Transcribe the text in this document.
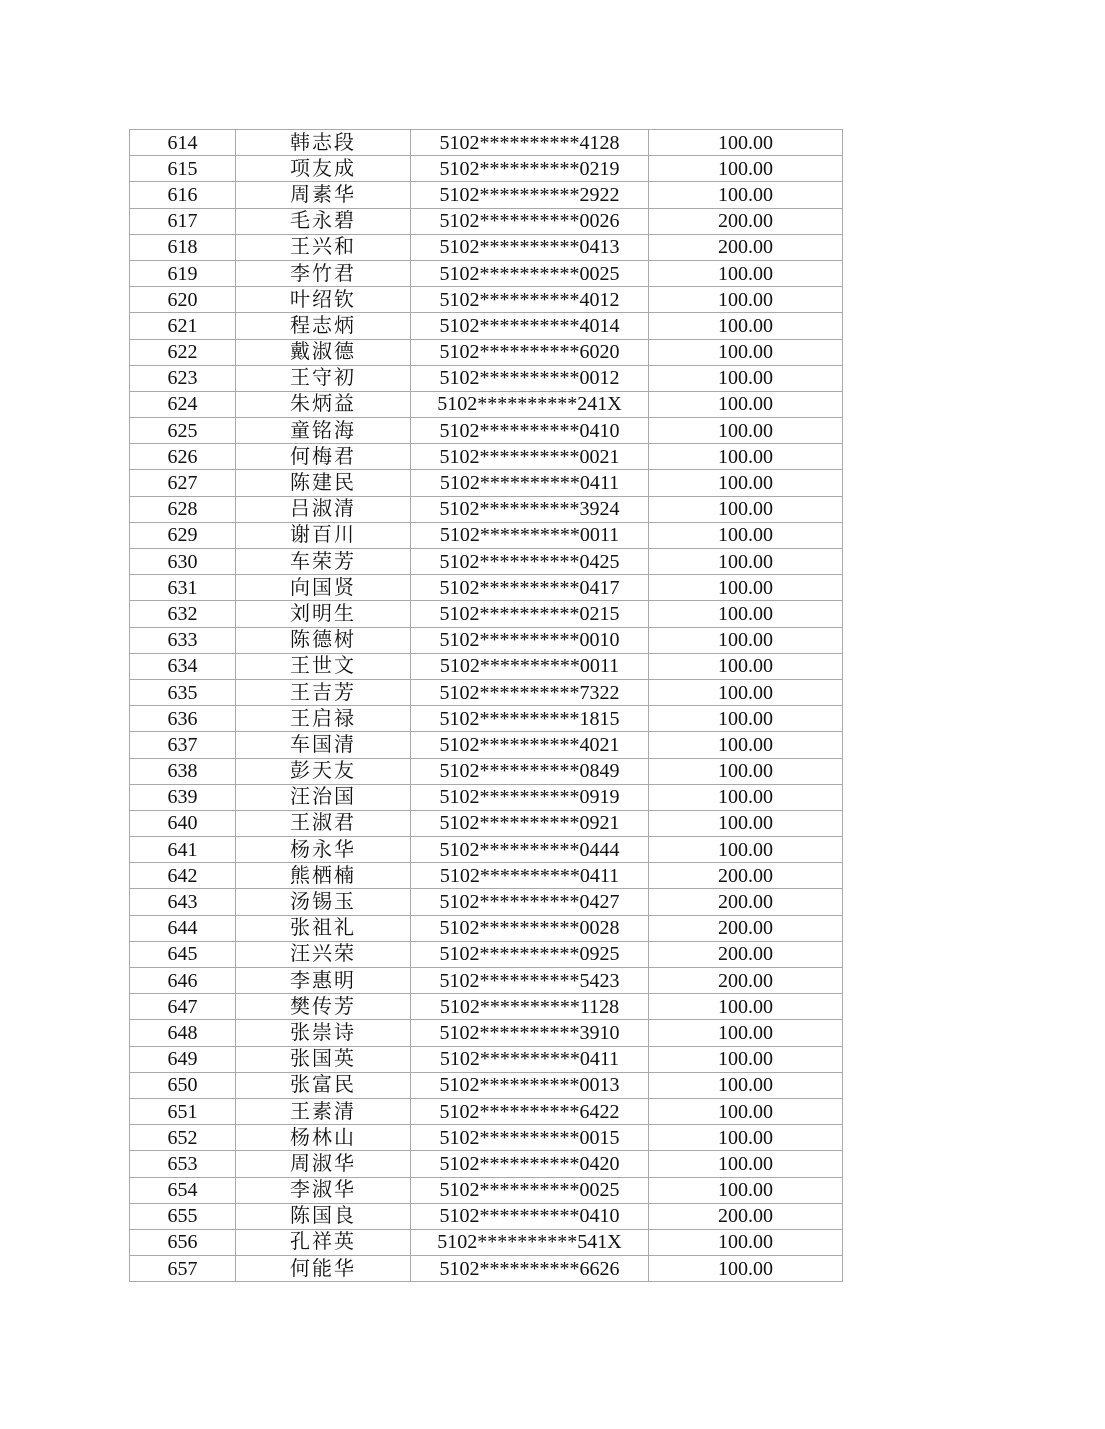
614	韩志段	5102**********4128	100.00
615	项友成	5102**********0219	100.00
616	周素华	5102**********2922	100.00
617	毛永碧	5102**********0026	200.00
618	王兴和	5102**********0413	200.00
619	李竹君	5102**********0025	100.00
620	叶绍钦	5102**********4012	100.00
621	程志炳	5102**********4014	100.00
622	戴淑德	5102**********6020	100.00
623	王守初	5102**********0012	100.00
624	朱炳益	5102**********241X	100.00
625	童铭海	5102**********0410	100.00
626	何梅君	5102**********0021	100.00
627	陈建民	5102**********0411	100.00
628	吕淑清	5102**********3924	100.00
629	谢百川	5102**********0011	100.00
630	车荣芳	5102**********0425	100.00
631	向国贤	5102**********0417	100.00
632	刘明生	5102**********0215	100.00
633	陈德树	5102**********0010	100.00
634	王世文	5102**********0011	100.00
635	王吉芳	5102**********7322	100.00
636	王启禄	5102**********1815	100.00
637	车国清	5102**********4021	100.00
638	彭天友	5102**********0849	100.00
639	汪治国	5102**********0919	100.00
640	王淑君	5102**********0921	100.00
641	杨永华	5102**********0444	100.00
642	熊栖楠	5102**********0411	200.00
643	汤锡玉	5102**********0427	200.00
644	张祖礼	5102**********0028	200.00
645	汪兴荣	5102**********0925	200.00
646	李惠明	5102**********5423	200.00
647	樊传芳	5102**********1128	100.00
648	张崇诗	5102**********3910	100.00
649	张国英	5102**********0411	100.00
650	张富民	5102**********0013	100.00
651	王素清	5102**********6422	100.00
652	杨林山	5102**********0015	100.00
653	周淑华	5102**********0420	100.00
654	李淑华	5102**********0025	100.00
655	陈国良	5102**********0410	200.00
656	孔祥英	5102**********541X	100.00
657	何能华	5102**********6626	100.00
